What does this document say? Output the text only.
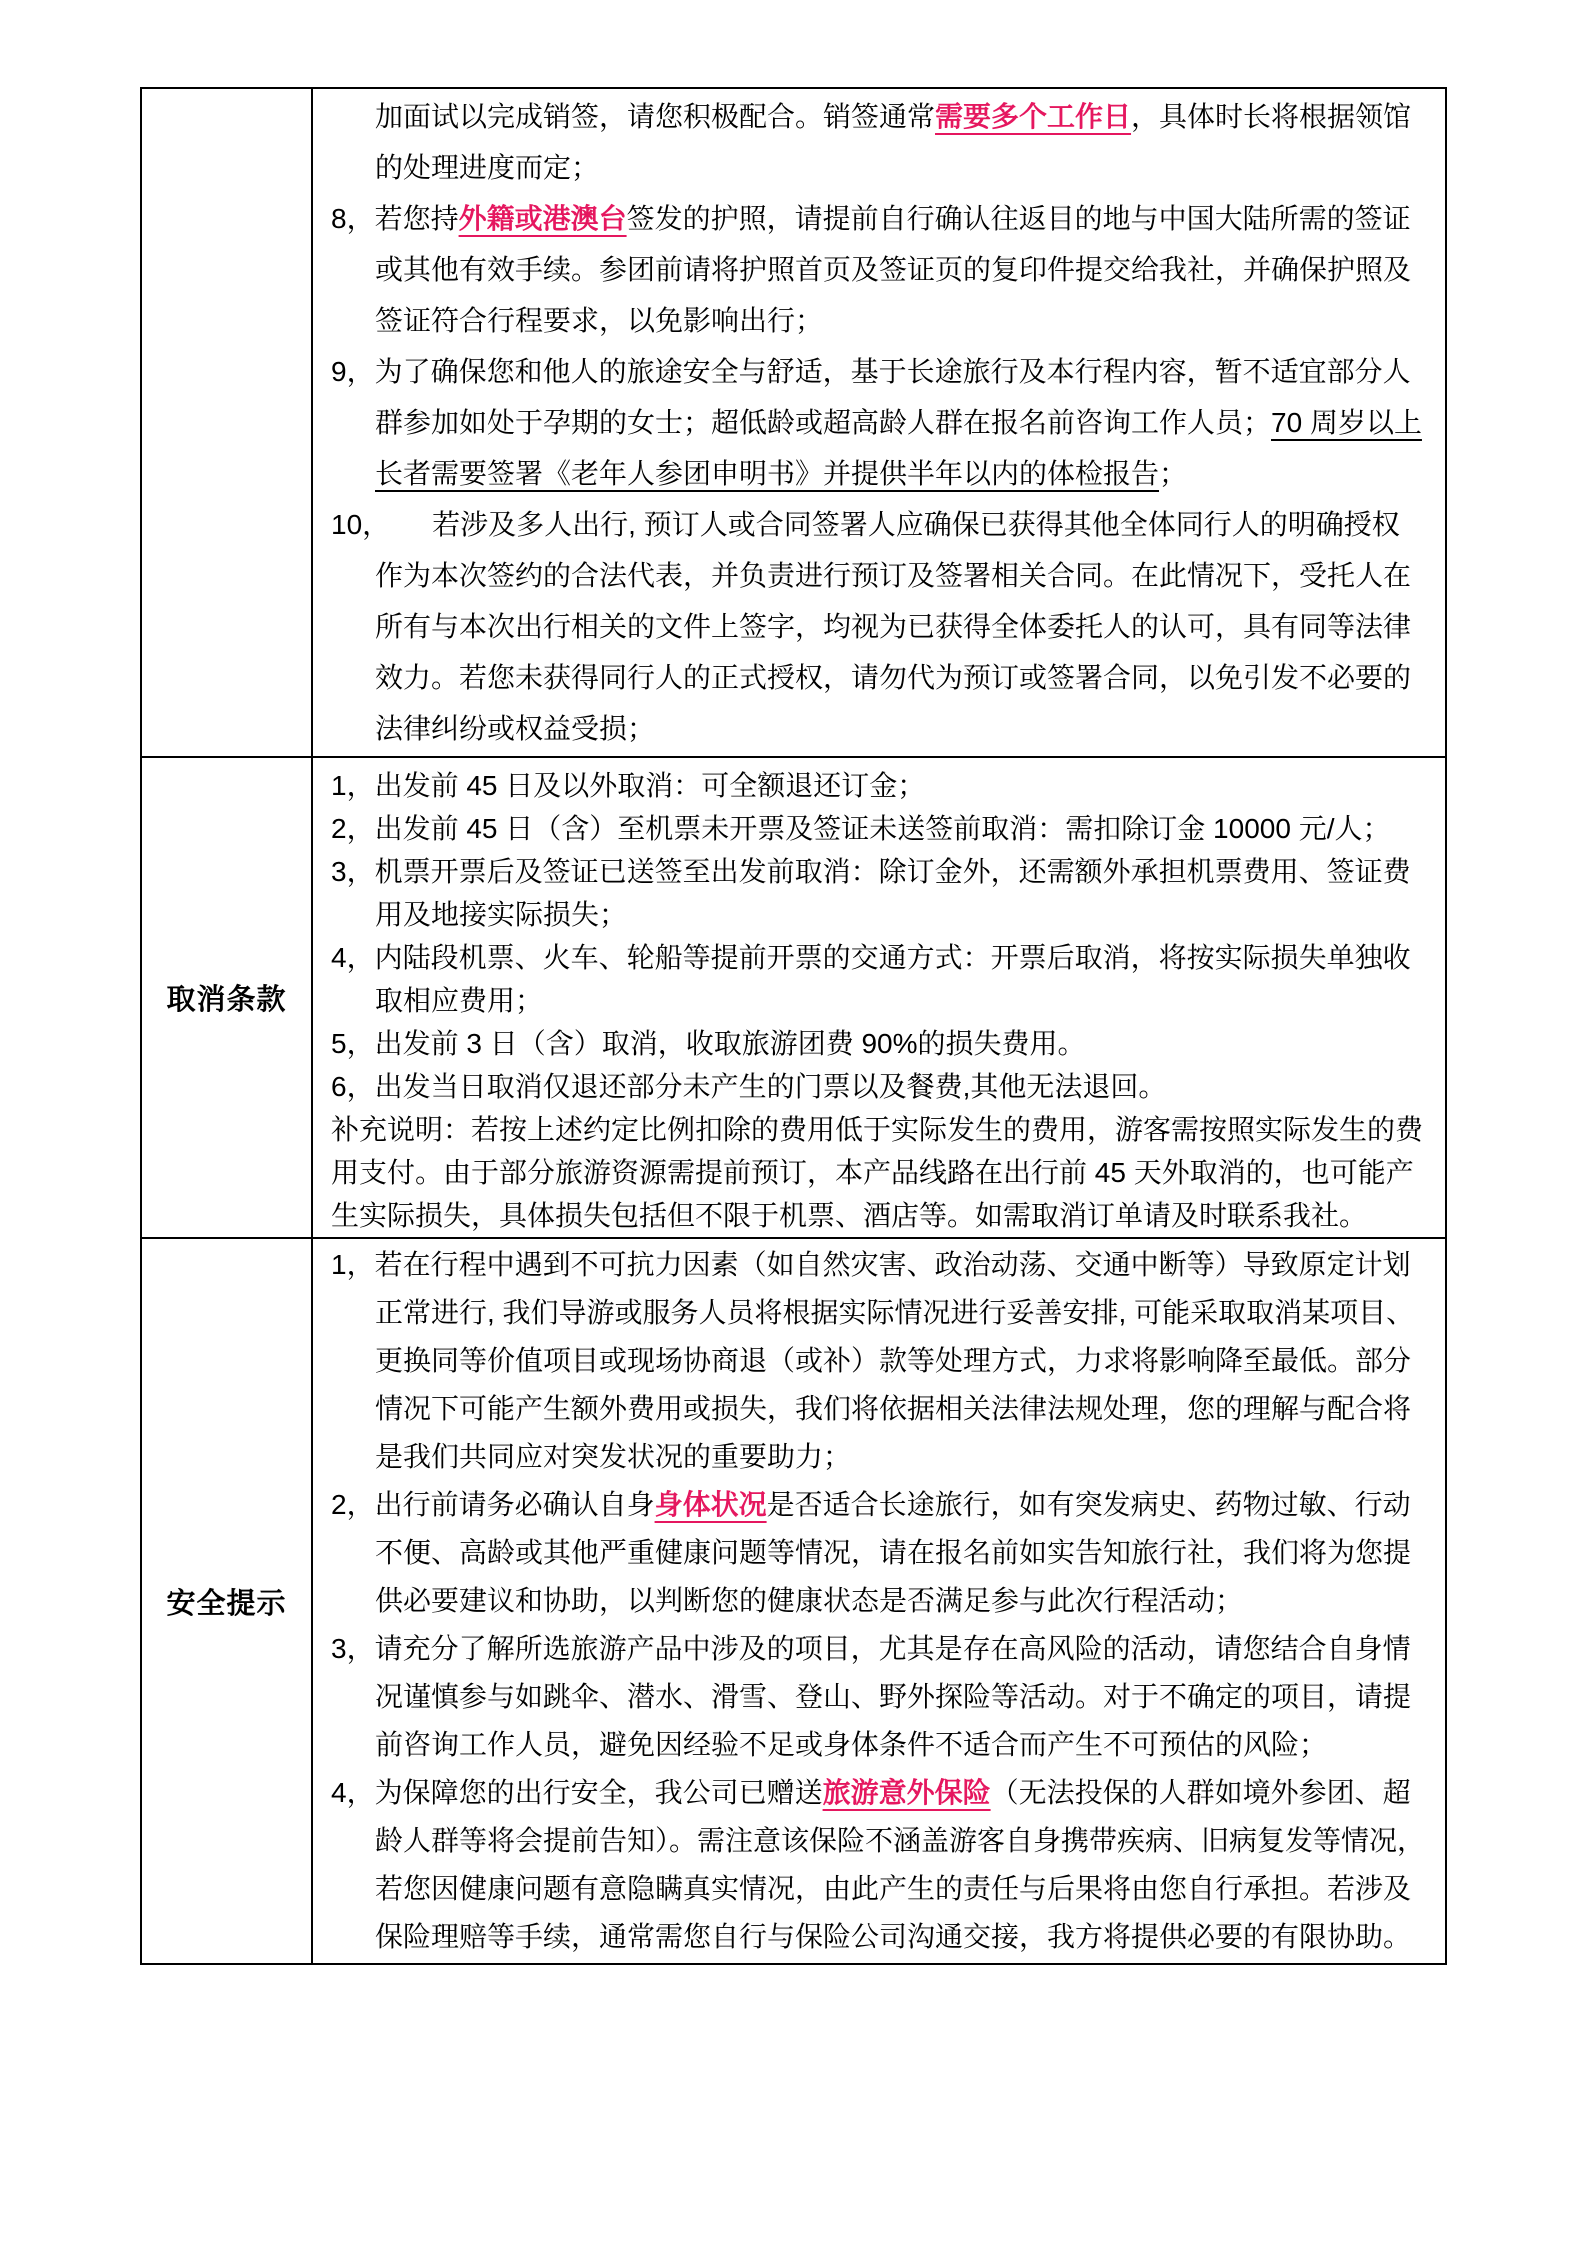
加面试以完成销签，请您积极配合。销签通常需要多个工作日，具体时长将根据领馆
的处理进度而定；
8，若您持外籍或港澳台签发的护照，请提前自行确认往返目的地与中国大陆所需的签证
或其他有效手续。参团前请将护照首页及签证页的复印件提交给我社，并确保护照及
签证符合行程要求，以免影响出行；
9，为了确保您和他人的旅途安全与舒适，基于长途旅行及本行程内容，暂不适宜部分人
群参加如处于孕期的女士；超低龄或超高龄人群在报名前咨询工作人员；70 周岁以上
长者需要签署《老年人参团申明书》并提供半年以内的体检报告；
10，　　若涉及多人出行, 预订人或合同签署人应确保已获得其他全体同行人的明确授权
作为本次签约的合法代表，并负责进行预订及签署相关合同。在此情况下，受托人在
所有与本次出行相关的文件上签字，均视为已获得全体委托人的认可，具有同等法律
效力。若您未获得同行人的正式授权，请勿代为预订或签署合同，以免引发不必要的
法律纠纷或权益受损；
取消条款
1，出发前 45 日及以外取消：可全额退还订金；
2，出发前 45 日（含）至机票未开票及签证未送签前取消：需扣除订金 10000 元/人；
3，机票开票后及签证已送签至出发前取消：除订金外，还需额外承担机票费用、签证费
用及地接实际损失；
4，内陆段机票、火车、轮船等提前开票的交通方式：开票后取消，将按实际损失单独收
取相应费用；
5，出发前 3 日（含）取消，收取旅游团费 90%的损失费用。
6，出发当日取消仅退还部分未产生的门票以及餐费,其他无法退回。
补充说明：若按上述约定比例扣除的费用低于实际发生的费用，游客需按照实际发生的费
用支付。由于部分旅游资源需提前预订，本产品线路在出行前 45 天外取消的，也可能产
生实际损失，具体损失包括但不限于机票、酒店等。如需取消订单请及时联系我社。
安全提示
1，若在行程中遇到不可抗力因素（如自然灾害、政治动荡、交通中断等）导致原定计划
正常进行, 我们导游或服务人员将根据实际情况进行妥善安排, 可能采取取消某项目、
更换同等价值项目或现场协商退（或补）款等处理方式，力求将影响降至最低。部分
情况下可能产生额外费用或损失，我们将依据相关法律法规处理，您的理解与配合将
是我们共同应对突发状况的重要助力；
2，出行前请务必确认自身身体状况是否适合长途旅行，如有突发病史、药物过敏、行动
不便、高龄或其他严重健康问题等情况，请在报名前如实告知旅行社，我们将为您提
供必要建议和协助，以判断您的健康状态是否满足参与此次行程活动；
3，请充分了解所选旅游产品中涉及的项目，尤其是存在高风险的活动，请您结合自身情
况谨慎参与如跳伞、潜水、滑雪、登山、野外探险等活动。对于不确定的项目，请提
前咨询工作人员，避免因经验不足或身体条件不适合而产生不可预估的风险；
4，为保障您的出行安全，我公司已赠送旅游意外保险（无法投保的人群如境外参团、超
龄人群等将会提前告知）。需注意该保险不涵盖游客自身携带疾病、旧病复发等情况，
若您因健康问题有意隐瞒真实情况，由此产生的责任与后果将由您自行承担。若涉及
保险理赔等手续，通常需您自行与保险公司沟通交接，我方将提供必要的有限协助。
